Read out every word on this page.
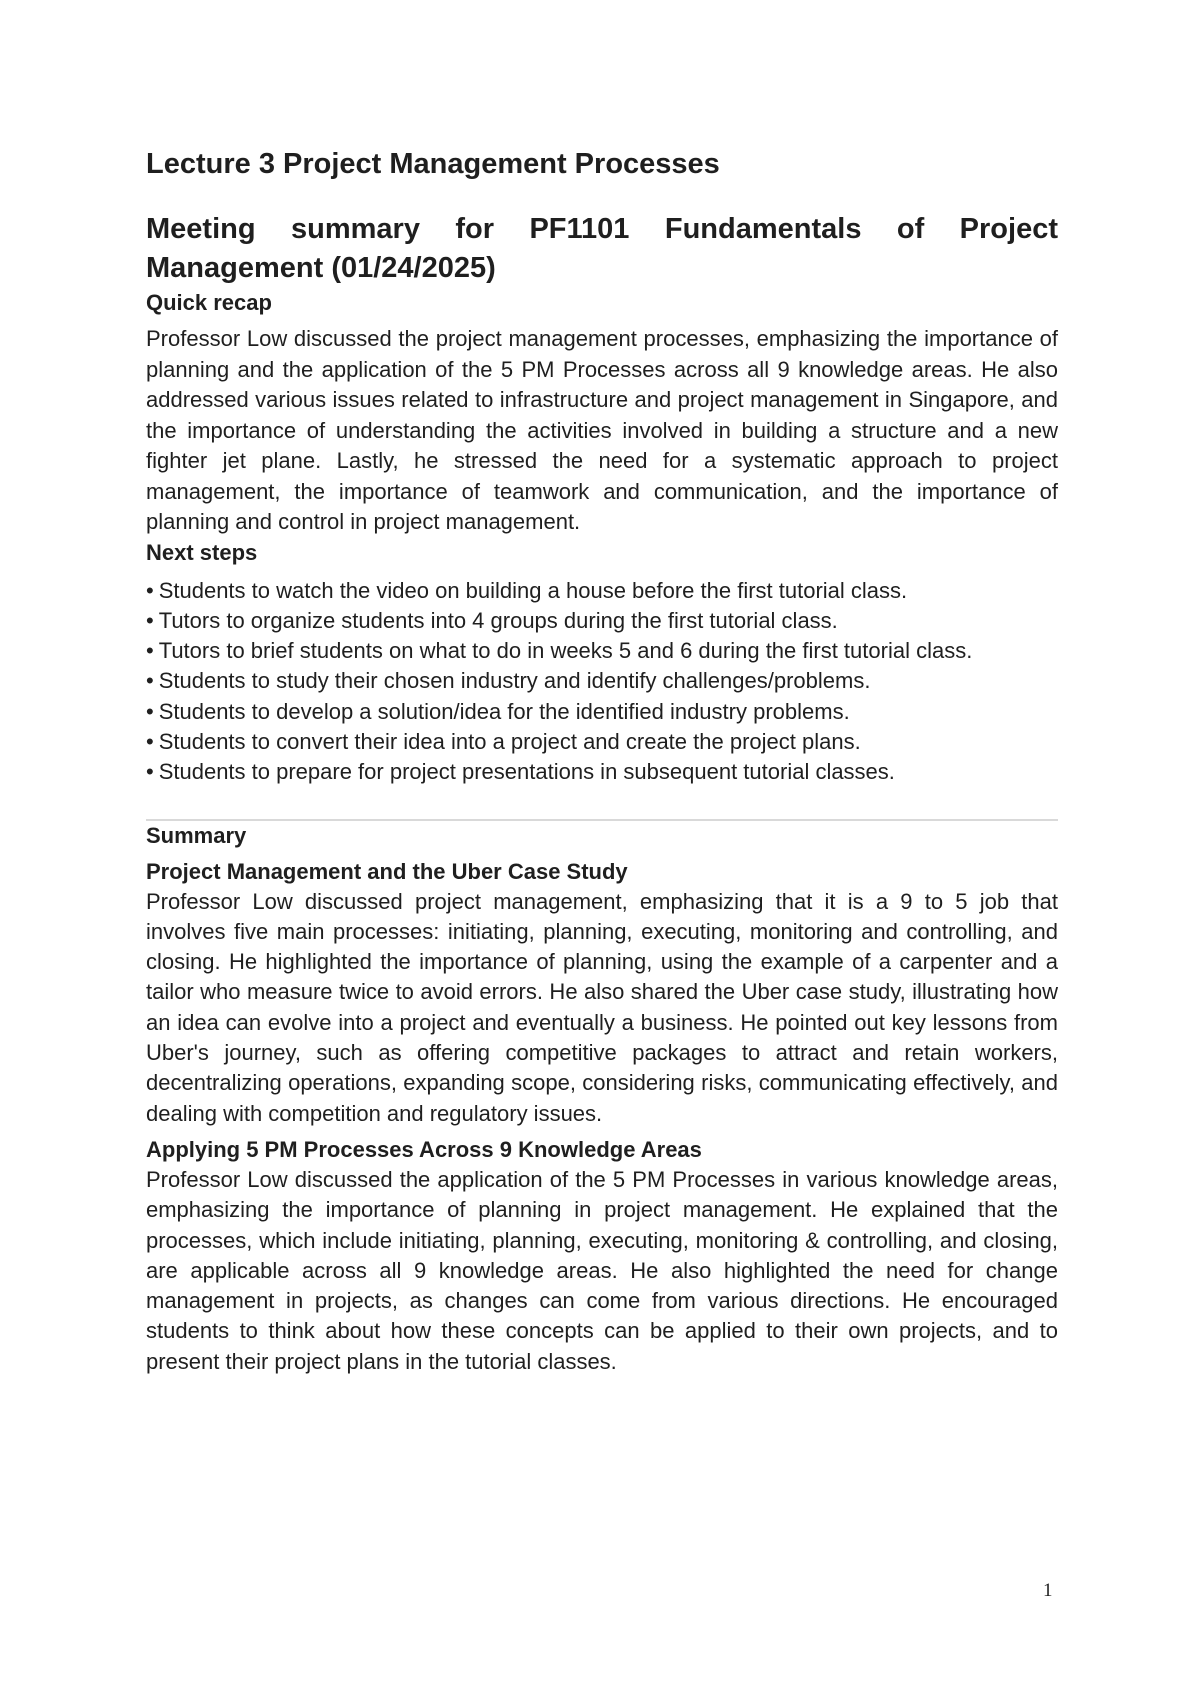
Lecture 3 Project Management Processes
Meeting summary for PF1101 Fundamentals of Project Management (01/24/2025)
Quick recap

Professor Low discussed the project management processes, emphasizing the importance of planning and the application of the 5 PM Processes across all 9 knowledge areas. He also addressed various issues related to infrastructure and project management in Singapore, and the importance of understanding the activities involved in building a structure and a new fighter jet plane. Lastly, he stressed the need for a systematic approach to project management, the importance of teamwork and communication, and the importance of planning and control in project management.

Next steps
• Students to watch the video on building a house before the first tutorial class.
• Tutors to organize students into 4 groups during the first tutorial class.
• Tutors to brief students on what to do in weeks 5 and 6 during the first tutorial class.
• Students to study their chosen industry and identify challenges/problems.
• Students to develop a solution/idea for the identified industry problems.
• Students to convert their idea into a project and create the project plans.
• Students to prepare for project presentations in subsequent tutorial classes.
Summary
Project Management and the Uber Case Study

Professor Low discussed project management, emphasizing that it is a 9 to 5 job that involves five main processes: initiating, planning, executing, monitoring and controlling, and closing. He highlighted the importance of planning, using the example of a carpenter and a tailor who measure twice to avoid errors. He also shared the Uber case study, illustrating how an idea can evolve into a project and eventually a business. He pointed out key lessons from Uber's journey, such as offering competitive packages to attract and retain workers, decentralizing operations, expanding scope, considering risks, communicating effectively, and dealing with competition and regulatory issues.

Applying 5 PM Processes Across 9 Knowledge Areas

Professor Low discussed the application of the 5 PM Processes in various knowledge areas, emphasizing the importance of planning in project management. He explained that the processes, which include initiating, planning, executing, monitoring & controlling, and closing, are applicable across all 9 knowledge areas. He also highlighted the need for change management in projects, as changes can come from various directions. He encouraged students to think about how these concepts can be applied to their own projects, and to present their project plans in the tutorial classes.

1
